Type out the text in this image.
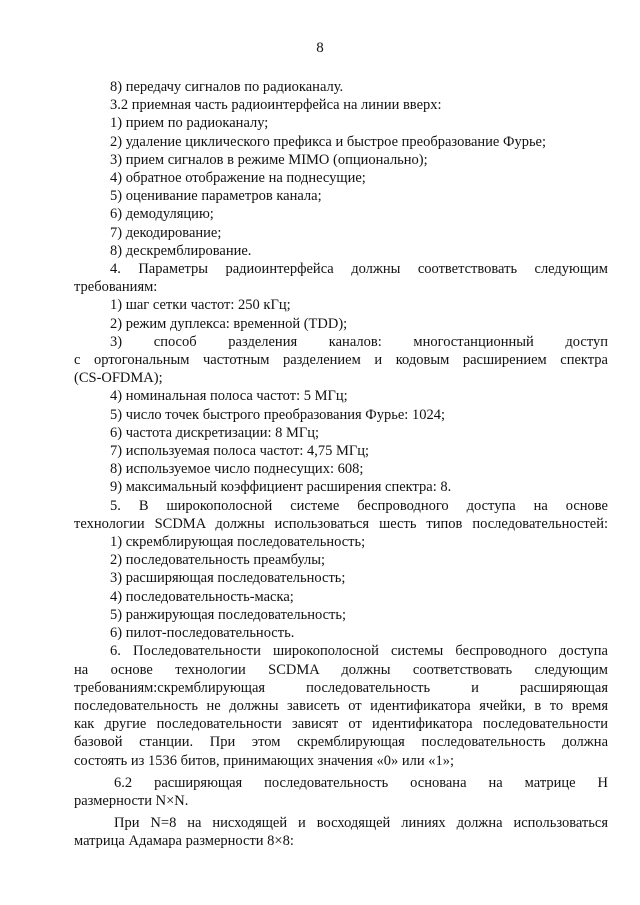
8
8) передачу сигналов по радиоканалу.
3.2 приемная часть радиоинтерфейса на линии вверх:
1) прием по радиоканалу;
2) удаление циклического префикса и быстрое преобразование Фурье;
3) прием сигналов в режиме MIMO (опционально);
4) обратное отображение на поднесущие;
5) оценивание параметров канала;
6) демодуляцию;
7) декодирование;
8) дескремблирование.
4. Параметры радиоинтерфейса должны соответствовать следующим
требованиям:
1) шаг сетки частот: 250 кГц;
2) режим дуплекса: временной (TDD);
3) способ разделения каналов: многостанционный доступ
с ортогональным частотным разделением и кодовым расширением спектра
(CS-OFDMA);
4) номинальная полоса частот: 5 МГц;
5) число точек быстрого преобразования Фурье: 1024;
6) частота дискретизации: 8 МГц;
7) используемая полоса частот: 4,75 МГц;
8) используемое число поднесущих: 608;
9) максимальный коэффициент расширения спектра: 8.
5. В широкополосной системе беспроводного доступа на основе
технологии SCDMA должны использоваться шесть типов последовательностей:
1) скремблирующая последовательность;
2) последовательность преамбулы;
3) расширяющая последовательность;
4) последовательность-маска;
5) ранжирующая последовательность;
6) пилот-последовательность.
6. Последовательности широкополосной системы беспроводного доступа
на основе технологии SCDMA должны соответствовать следующим
требованиям:скремблирующая последовательность и расширяющая
последовательность не должны зависеть от идентификатора ячейки, в то время
как другие последовательности зависят от идентификатора последовательности
базовой станции. При этом скремблирующая последовательность должна
состоять из 1536 битов, принимающих значения «0» или «1»;
6.2 расширяющая последовательность основана на матрице H
размерности N×N.
При N=8 на нисходящей и восходящей линиях должна использоваться
матрица Адамара размерности 8×8:
